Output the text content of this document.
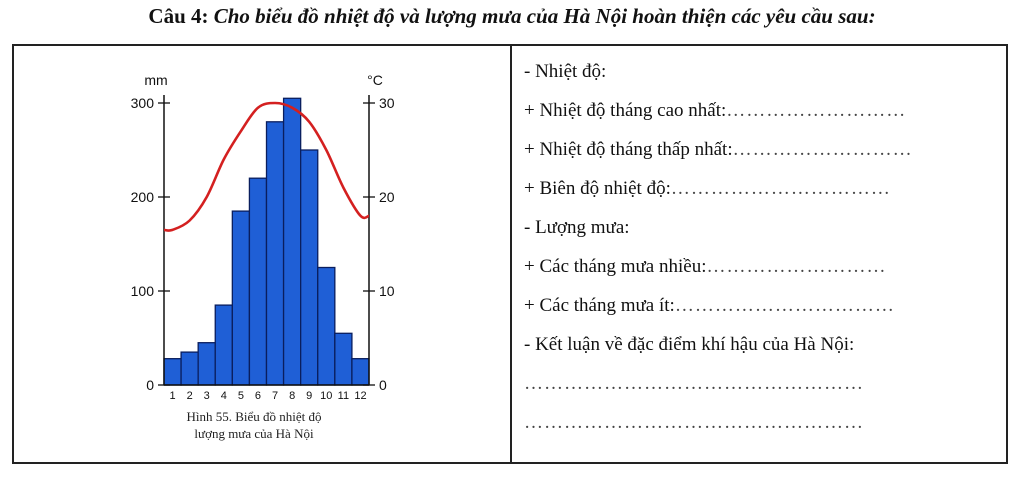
Câu 4: Cho biểu đồ nhiệt độ và lượng mưa của Hà Nội hoàn thiện các yêu cầu sau:
0
100
200
300
0
10
20
30
mm	°C
1 2 3 4 5 6 7 8 9 10 11 12
Hình 55. Biểu đồ nhiệt độ
lượng mưa của Hà Nội
- Nhiệt độ:
+ Nhiệt độ tháng cao nhất:………………………
+ Nhiệt độ tháng thấp nhất:………………………
+ Biên độ nhiệt độ:……………………………
- Lượng mưa:
+ Các tháng mưa nhiều:………………………
+ Các tháng mưa ít:……………………………
- Kết luận về đặc điểm khí hậu của Hà Nội:
……………………………………………
……………………………………………
